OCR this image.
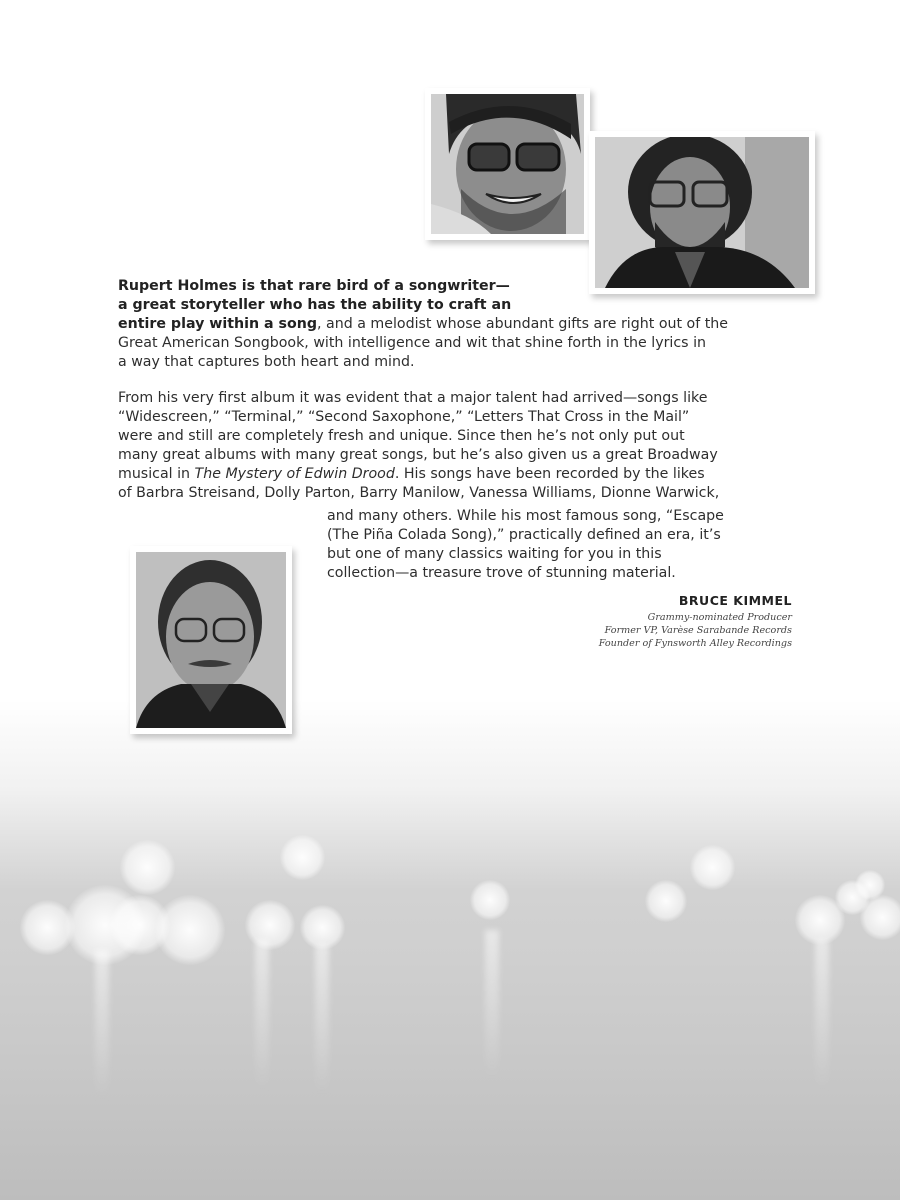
Rupert Holmes is that rare bird of a songwriter—
a great storyteller who has the ability to craft an
entire play within a song, and a melodist whose abundant gifts are right out of the
Great American Songbook, with intelligence and wit that shine forth in the lyrics in
a way that captures both heart and mind.
From his very first album it was evident that a major talent had arrived—songs like
“Widescreen,” “Terminal,” “Second Saxophone,” “Letters That Cross in the Mail”
were and still are completely fresh and unique. Since then he’s not only put out
many great albums with many great songs, but he’s also given us a great Broadway
musical in The Mystery of Edwin Drood. His songs have been recorded by the likes
of Barbra Streisand, Dolly Parton, Barry Manilow, Vanessa Williams, Dionne Warwick,
and many others. While his most famous song, “Escape
(The Piña Colada Song),” practically defined an era, it’s
but one of many classics waiting for you in this
collection—a treasure trove of stunning material.
BRUCE KIMMEL
Grammy-nominated Producer
Former VP, Varèse Sarabande Records
Founder of Fynsworth Alley Recordings
